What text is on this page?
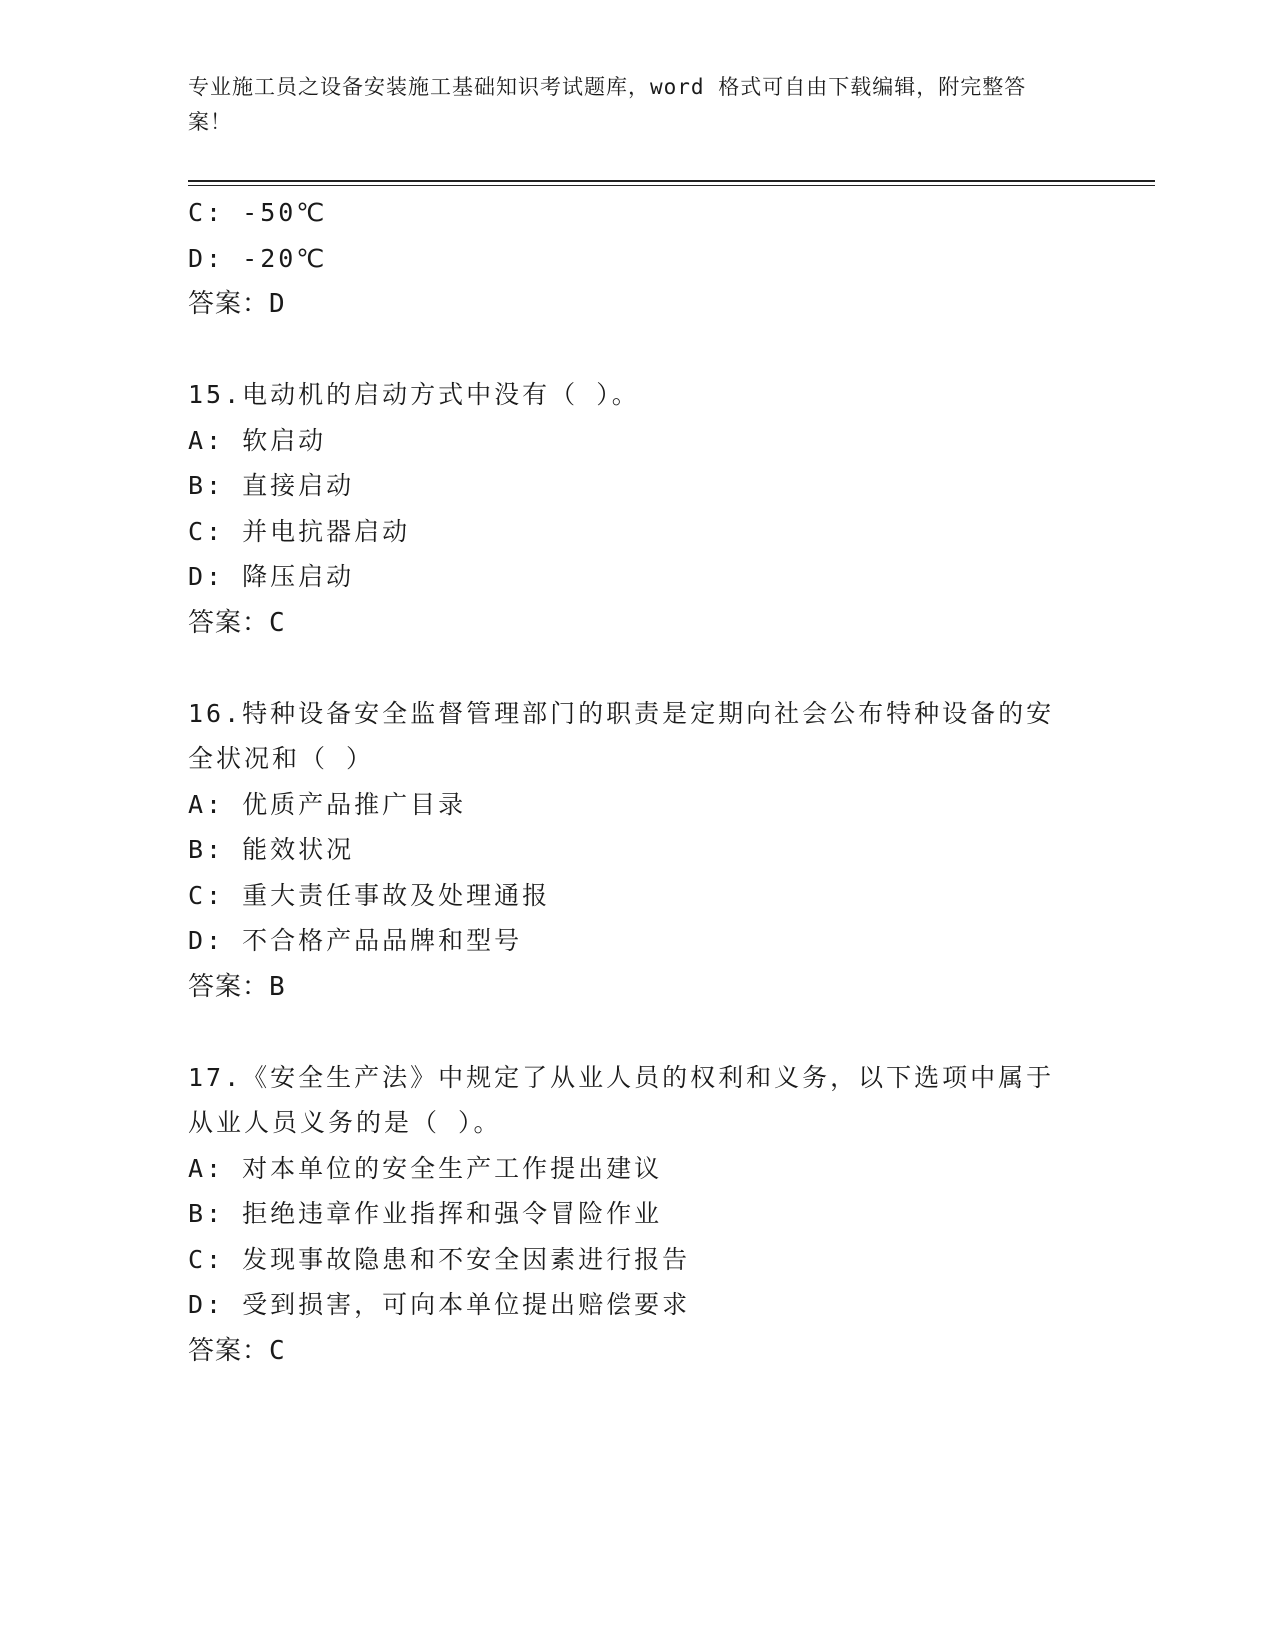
专业施工员之设备安装施工基础知识考试题库，word 格式可自由下载编辑，附完整答案！
C: -50℃
D: -20℃
答案：D
15.电动机的启动方式中没有（ ）。
A: 软启动
B: 直接启动
C: 并电抗器启动
D: 降压启动
答案：C
16.特种设备安全监督管理部门的职责是定期向社会公布特种设备的安
全状况和（ ）
A: 优质产品推广目录
B: 能效状况
C: 重大责任事故及处理通报
D: 不合格产品品牌和型号
答案：B
17.《安全生产法》中规定了从业人员的权利和义务，以下选项中属于
从业人员义务的是（ ）。
A: 对本单位的安全生产工作提出建议
B: 拒绝违章作业指挥和强令冒险作业
C: 发现事故隐患和不安全因素进行报告
D: 受到损害，可向本单位提出赔偿要求
答案：C
